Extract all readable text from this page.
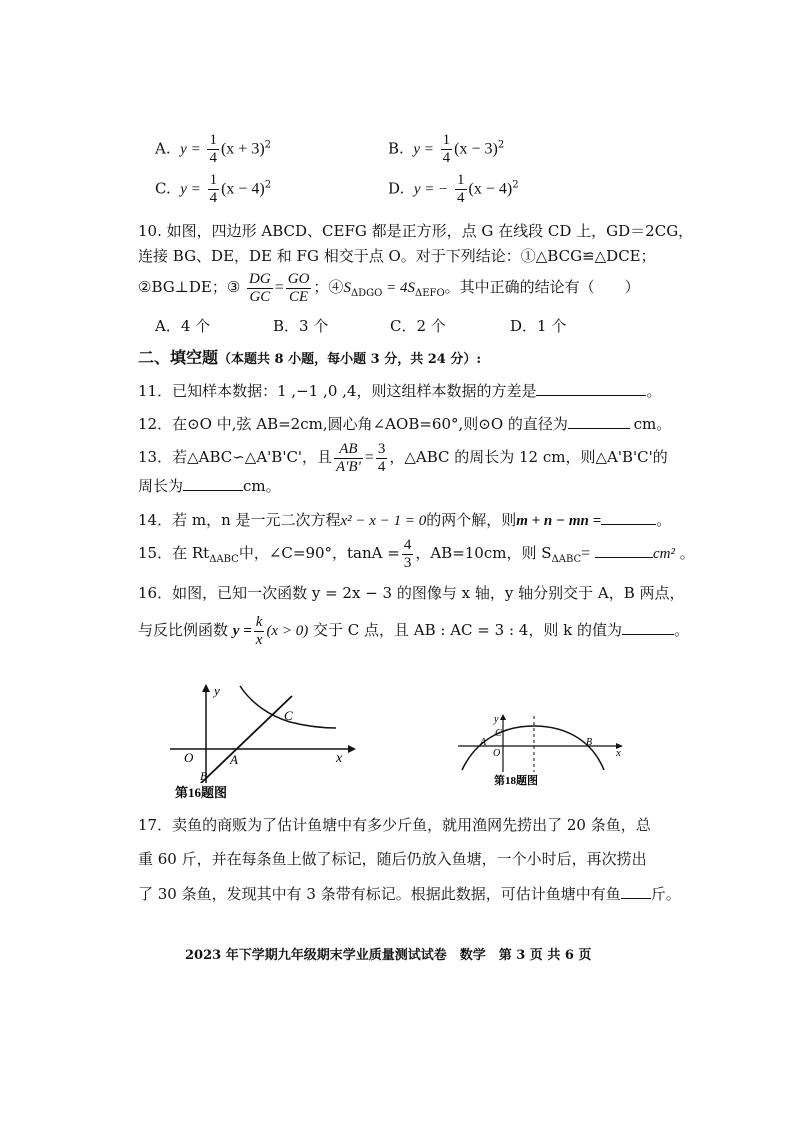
A. $y = \frac{1}{4} (x + 3)^2$	B. $y = \frac{1}{4} (x - 3)^2$
C. $y = \frac{1}{4} (x - 4)^2$	D. y = − $\frac{1}{4} (x - 4)^2$
10. 如图，四边形 ABCD、CEFG 都是正方形，点 G 在线段 CD 上，GD＝2CG，
连接 BG、DE，DE 和 FG 相交于点 O。对于下列结论：①△BCG≌△DCE；
②BG⊥DE；③ $\frac{DG}{GC} = \frac{GO}{CE}$ ；$④S_{\Delta DGO} = 4S_{\Delta EFO}$。其中正确的结论有（　　）
A．4 个	B．3 个	C．2 个	D．1 个
二、填空题（本题共 8 小题，每小题 3 分，共 24 分）:
11．已知样本数据：1 ,−1 ,0 ,4，则这组样本数据的方差是	。
12．在⊙O 中,弦 AB=2cm,圆心角∠AOB=60°,则⊙O 的直径为	cm。
13．若△ABC∽△A'B'C'，且 $\frac{AB}{A'B'} = \frac{3}{4}$ ，△ABC 的周长为 12 cm，则△A'B'C'的
周长为	cm。
14．若 m，n 是一元二次方程x² − x − 1 = 0的两个解，则m + n − mn =	。
15．在 $Rt_{\Delta ABC}$中，∠C=90°，$\tan A = \frac{4}{3}$ ，AB=10cm，则 $S_{\Delta ABC}=$	cm² 。
16．如图，已知一次函数 y = 2x − 3 的图像与 x 轴，y 轴分别交于 A，B 两点，
与反比例函数 $y = \frac{k}{x} (x > 0)$ 交于 C 点，且 AB : AC = 3 : 4，则 k 的值为	。
y
x
O	A
B
C
第16题图
y
x
O
A	B
C
第18题图
17．卖鱼的商贩为了估计鱼塘中有多少斤鱼，就用渔网先捞出了 20 条鱼，总
重 60 斤，并在每条鱼上做了标记，随后仍放入鱼塘，一个小时后，再次捞出
了 30 条鱼，发现其中有 3 条带有标记。根据此数据，可估计鱼塘中有鱼 斤。
2023 年下学期九年级期末学业质量测试试卷　数学　第 3 页 共 6 页
